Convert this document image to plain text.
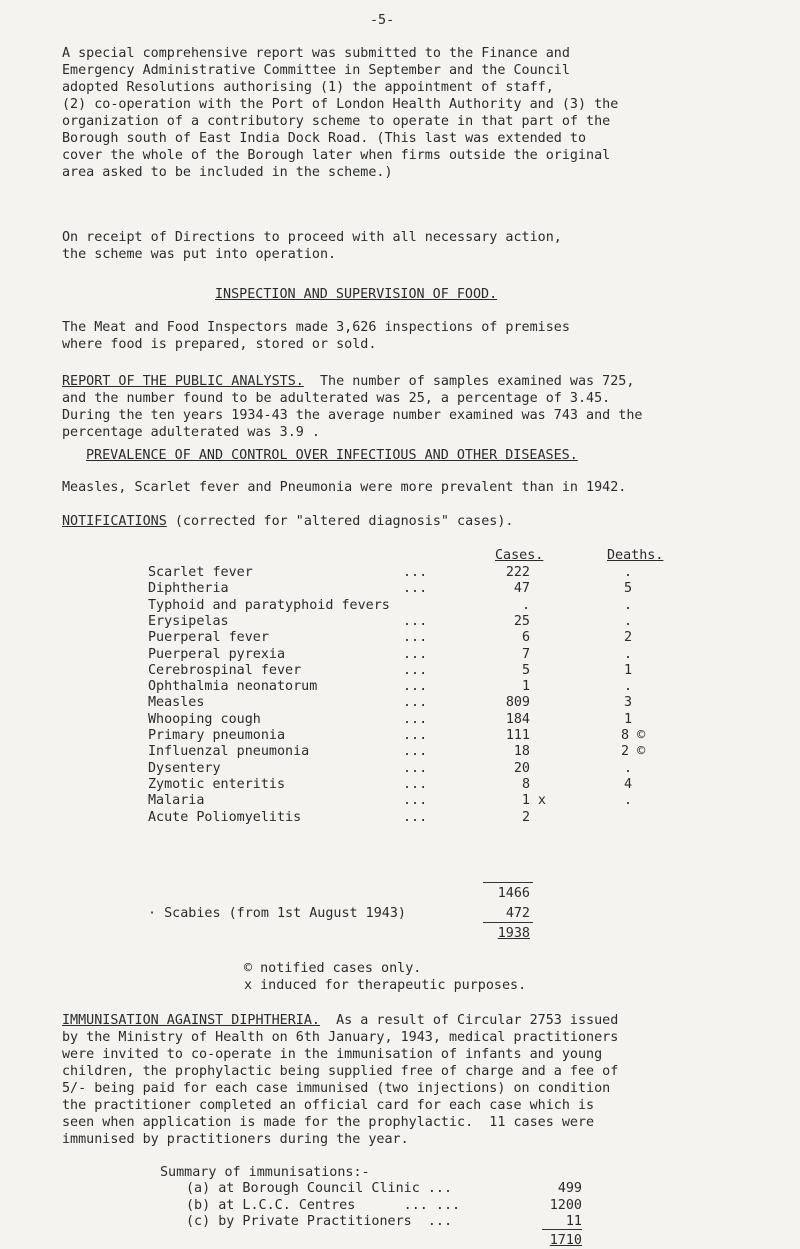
-5-
A special comprehensive report was submitted to the Finance and
Emergency Administrative Committee in September and the Council
adopted Resolutions authorising (1) the appointment of staff,
(2) co-operation with the Port of London Health Authority and (3) the
organization of a contributory scheme to operate in that part of the
Borough south of East India Dock Road. (This last was extended to
cover the whole of the Borough later when firms outside the original
area asked to be included in the scheme.)
On receipt of Directions to proceed with all necessary action,
the scheme was put into operation.
INSPECTION AND SUPERVISION OF FOOD.
The Meat and Food Inspectors made 3,626 inspections of premises
where food is prepared, stored or sold.
REPORT OF THE PUBLIC ANALYSTS.  The number of samples examined was 725,
and the number found to be adulterated was 25, a percentage of 3.45.
During the ten years 1934-43 the average number examined was 743 and the
percentage adulterated was 3.9 .
PREVALENCE OF AND CONTROL OVER INFECTIOUS AND OTHER DISEASES.
Measles, Scarlet fever and Pneumonia were more prevalent than in 1942.
NOTIFICATIONS (corrected for "altered diagnosis" cases).
Cases.	Deaths.
Scarlet fever	...	222	.
Diphtheria	...	47	5
Typhoid and paratyphoid fevers	.	.
Erysipelas	...	25	.
Puerperal fever	...	6	2
Puerperal pyrexia	...	7	.
Cerebrospinal fever	...	5	1
Ophthalmia neonatorum	...	1	.
Measles	...	809	3
Whooping cough	...	184	1
Primary pneumonia	...	111	8 ©
Influenzal pneumonia	...	18	2 ©
Dysentery	...	20	.
Zymotic enteritis	...	8	4
Malaria	...	1 x	.
Acute Poliomyelitis	...	2
1466
· Scabies (from 1st August 1943)	472
1938
© notified cases only.
x induced for therapeutic purposes.
IMMUNISATION AGAINST DIPHTHERIA.  As a result of Circular 2753 issued
by the Ministry of Health on 6th January, 1943, medical practitioners
were invited to co-operate in the immunisation of infants and young
children, the prophylactic being supplied free of charge and a fee of
5/- being paid for each case immunised (two injections) on condition
the practitioner completed an official card for each case which is
seen when application is made for the prophylactic.  11 cases were
immunised by practitioners during the year.
Summary of immunisations:-
(a) at Borough Council Clinic ...	499
(b) at L.C.C. Centres      ... ...	1200
(c) by Private Practitioners  ...	11
1710
